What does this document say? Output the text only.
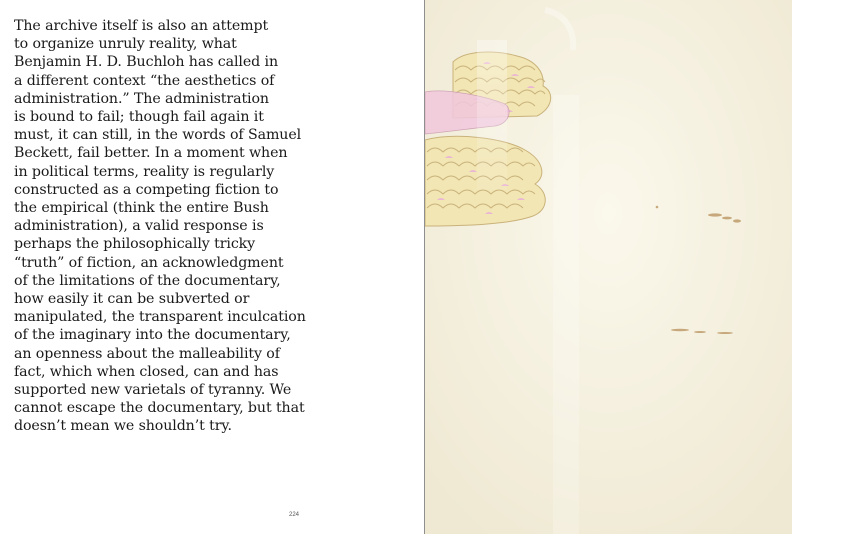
The archive itself is also an attempt
to organize unruly reality, what
Benjamin H. D. Buchloh has called in
a different context “the aesthetics of
administration.” The administration
is bound to fail; though fail again it
must, it can still, in the words of Samuel
Beckett, fail better. In a moment when
in political terms, reality is regularly
constructed as a competing fiction to
the empirical (think the entire Bush
administration), a valid response is
perhaps the philosophically tricky
“truth” of fiction, an acknowledgment
of the limitations of the documentary,
how easily it can be subverted or
manipulated, the transparent inculcation
of the imaginary into the documentary,
an openness about the malleability of
fact, which when closed, can and has
supported new varietals of tyranny. We
cannot escape the documentary, but that
doesn’t mean we shouldn’t try.

224
